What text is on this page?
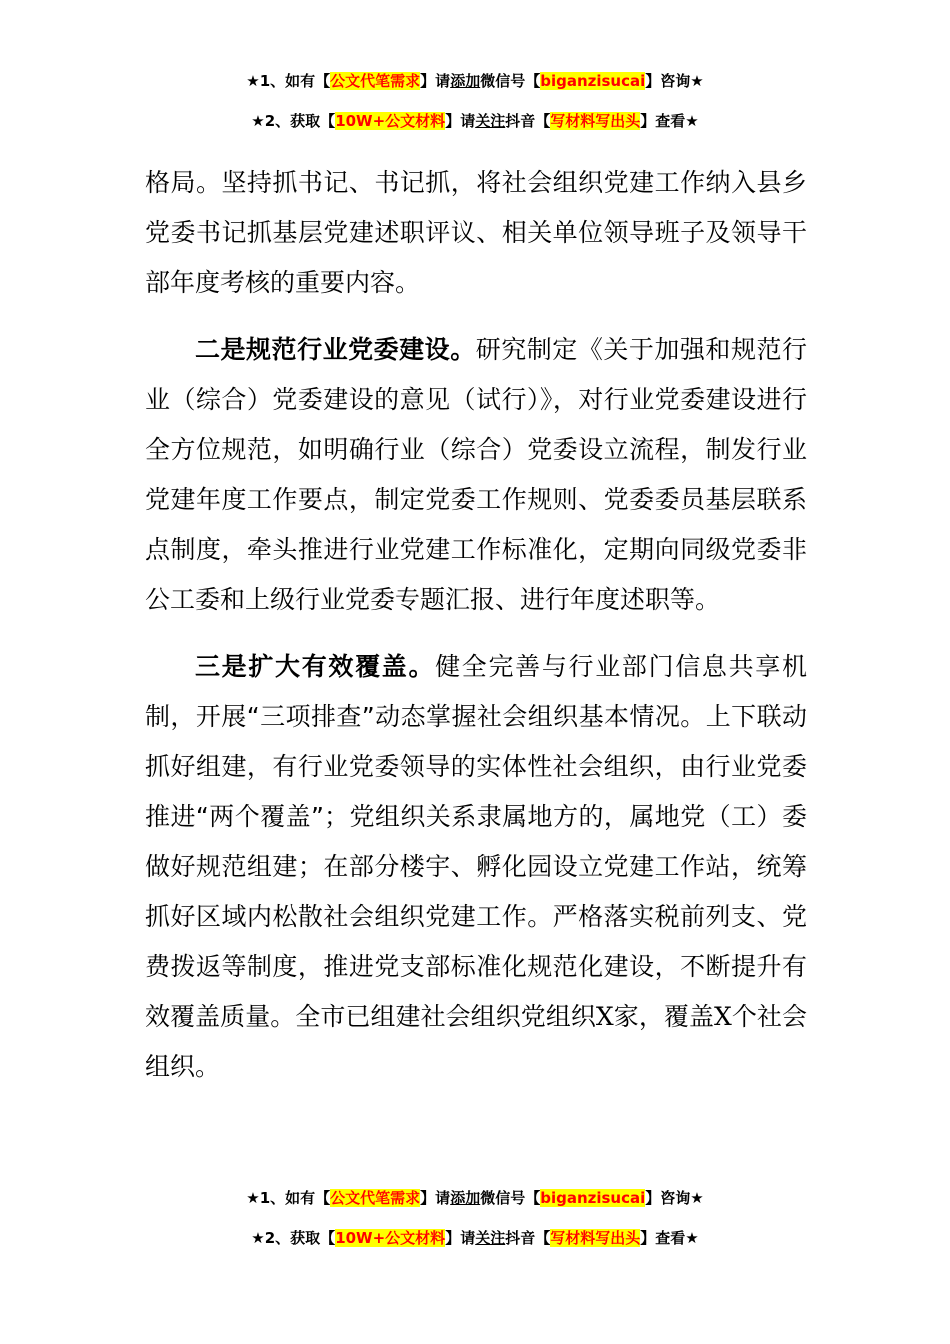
★1、如有【公文代笔需求】请添加微信号【biganzisucai】咨询★
★2、获取【10W+公文材料】请关注抖音【写材料写出头】查看★

格局。坚持抓书记、书记抓，将社会组织党建工作纳入县乡党委书记抓基层党建述职评议、相关单位领导班子及领导干部年度考核的重要内容。

二是规范行业党委建设。研究制定《关于加强和规范行业（综合）党委建设的意见（试行）》，对行业党委建设进行全方位规范，如明确行业（综合）党委设立流程，制发行业党建年度工作要点，制定党委工作规则、党委委员基层联系点制度，牵头推进行业党建工作标准化，定期向同级党委非公工委和上级行业党委专题汇报、进行年度述职等。

三是扩大有效覆盖。健全完善与行业部门信息共享机制，开展“三项排查”动态掌握社会组织基本情况。上下联动抓好组建，有行业党委领导的实体性社会组织，由行业党委推进“两个覆盖”；党组织关系隶属地方的，属地党（工）委做好规范组建；在部分楼宇、孵化园设立党建工作站，统筹抓好区域内松散社会组织党建工作。严格落实税前列支、党费拨返等制度，推进党支部标准化规范化建设，不断提升有效覆盖质量。全市已组建社会组织党组织X家，覆盖X个社会组织。

★1、如有【公文代笔需求】请添加微信号【biganzisucai】咨询★
★2、获取【10W+公文材料】请关注抖音【写材料写出头】查看★
